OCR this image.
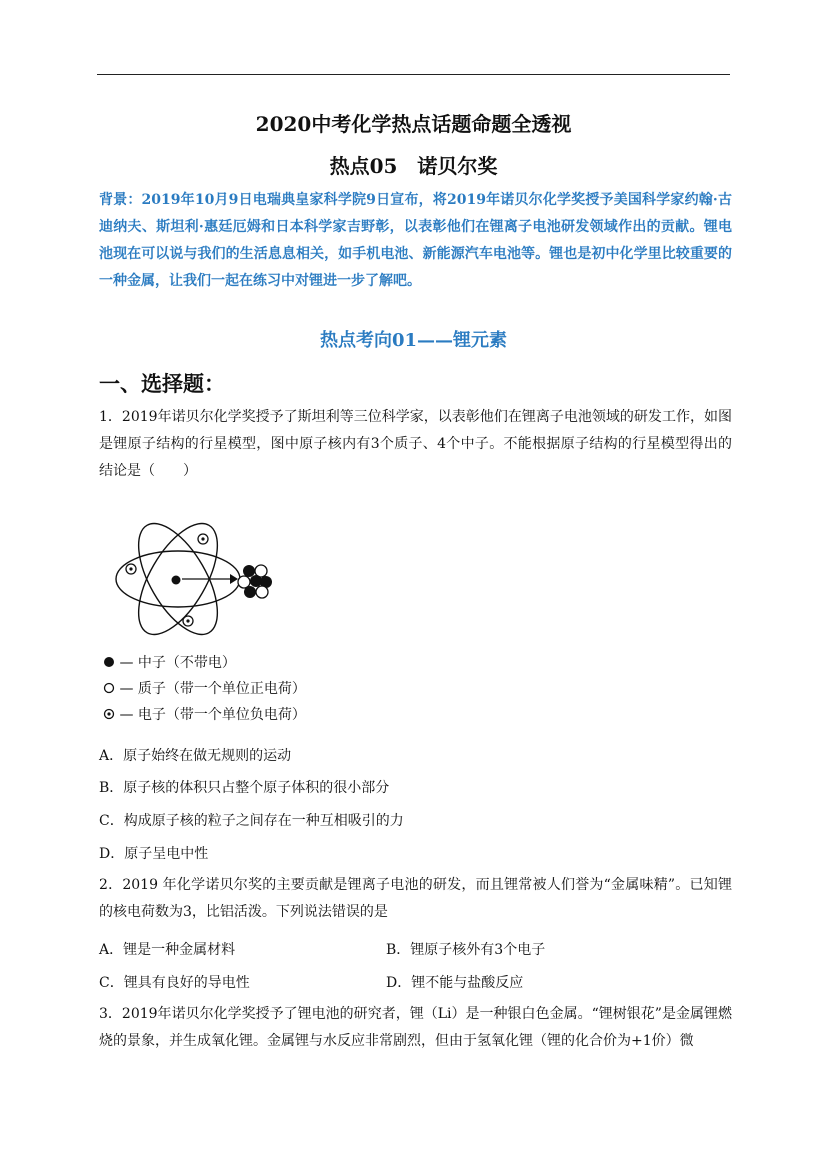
2020中考化学热点话题命题全透视
热点05　诺贝尔奖
背景：2019年10月9日电瑞典皇家科学院9日宣布，将2019年诺贝尔化学奖授予美国科学家约翰·古迪纳夫、斯坦利·惠廷厄姆和日本科学家吉野彰，以表彰他们在锂离子电池研发领域作出的贡献。锂电池现在可以说与我们的生活息息相关，如手机电池、新能源汽车电池等。锂也是初中化学里比较重要的一种金属，让我们一起在练习中对锂进一步了解吧。
热点考向01——锂元素
一、选择题：
1．2019年诺贝尔化学奖授予了斯坦利等三位科学家，以表彰他们在锂离子电池领域的研发工作，如图是锂原子结构的行星模型，图中原子核内有3个质子、4个中子。不能根据原子结构的行星模型得出的结论是（　　）
— 中子（不带电）
— 质子（带一个单位正电荷）
— 电子（带一个单位负电荷）
A．原子始终在做无规则的运动
B．原子核的体积只占整个原子体积的很小部分
C．构成原子核的粒子之间存在一种互相吸引的力
D．原子呈电中性
2．2019 年化学诺贝尔奖的主要贡献是锂离子电池的研发，而且锂常被人们誉为“金属味精”。已知锂的核电荷数为3，比铝活泼。下列说法错误的是
A．锂是一种金属材料	B．锂原子核外有3个电子
C．锂具有良好的导电性	D．锂不能与盐酸反应
3．2019年诺贝尔化学奖授予了锂电池的研究者，锂（Li）是一种银白色金属。“锂树银花”是金属锂燃烧的景象，并生成氧化锂。金属锂与水反应非常剧烈，但由于氢氧化锂（锂的化合价为+1价）微
